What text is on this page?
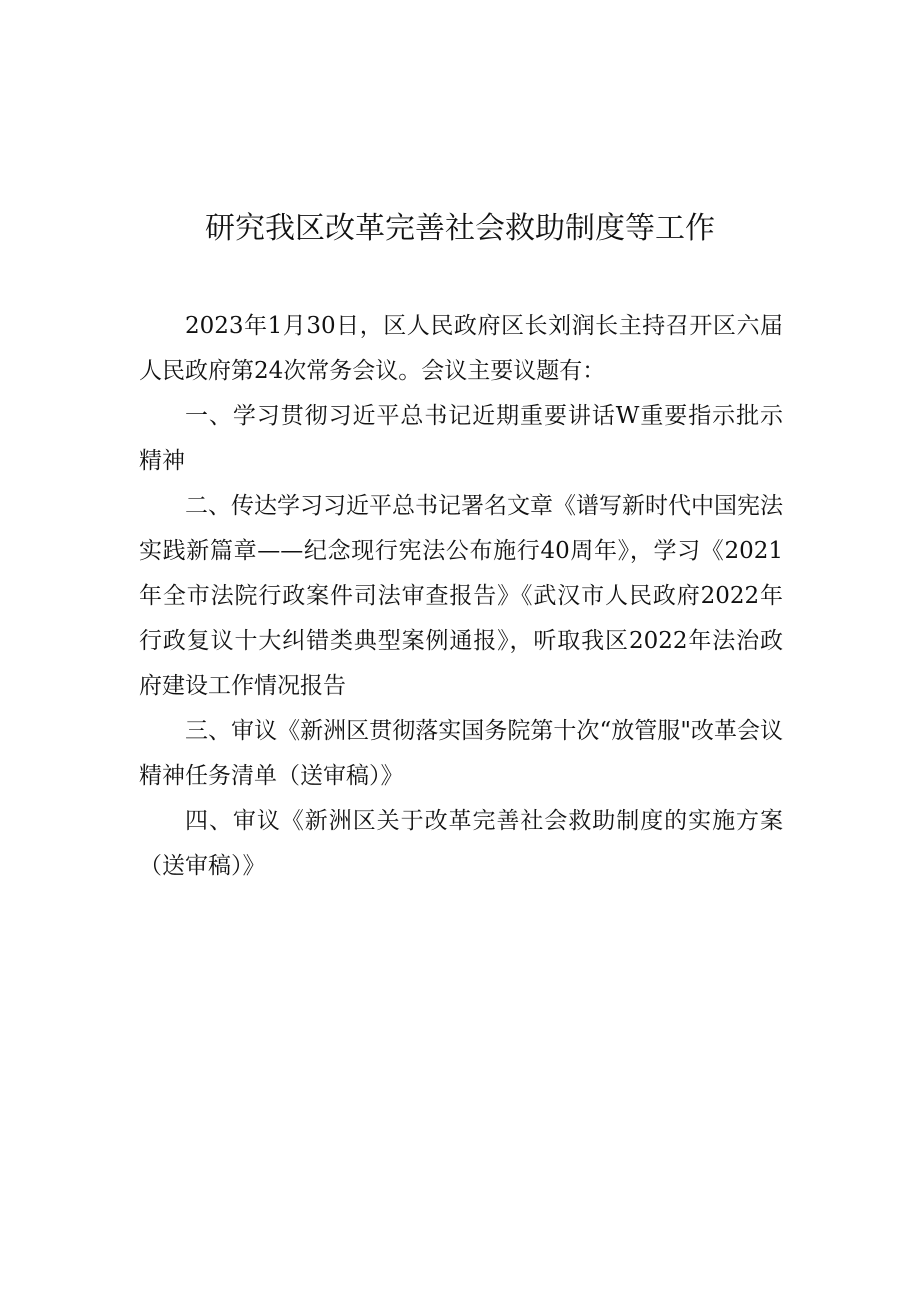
研究我区改革完善社会救助制度等工作

2023年1月30日，区人民政府区长刘润长主持召开区六届人民政府第24次常务会议。会议主要议题有：

一、学习贯彻习近平总书记近期重要讲话W重要指示批示精神

二、传达学习习近平总书记署名文章《谱写新时代中国宪法实践新篇章——纪念现行宪法公布施行40周年》，学习《2021年全市法院行政案件司法审查报告》《武汉市人民政府2022年行政复议十大纠错类典型案例通报》，听取我区2022年法治政府建设工作情况报告

三、审议《新洲区贯彻落实国务院第十次“放管服"改革会议精神任务清单（送审稿）》

四、审议《新洲区关于改革完善社会救助制度的实施方案（送审稿）》
